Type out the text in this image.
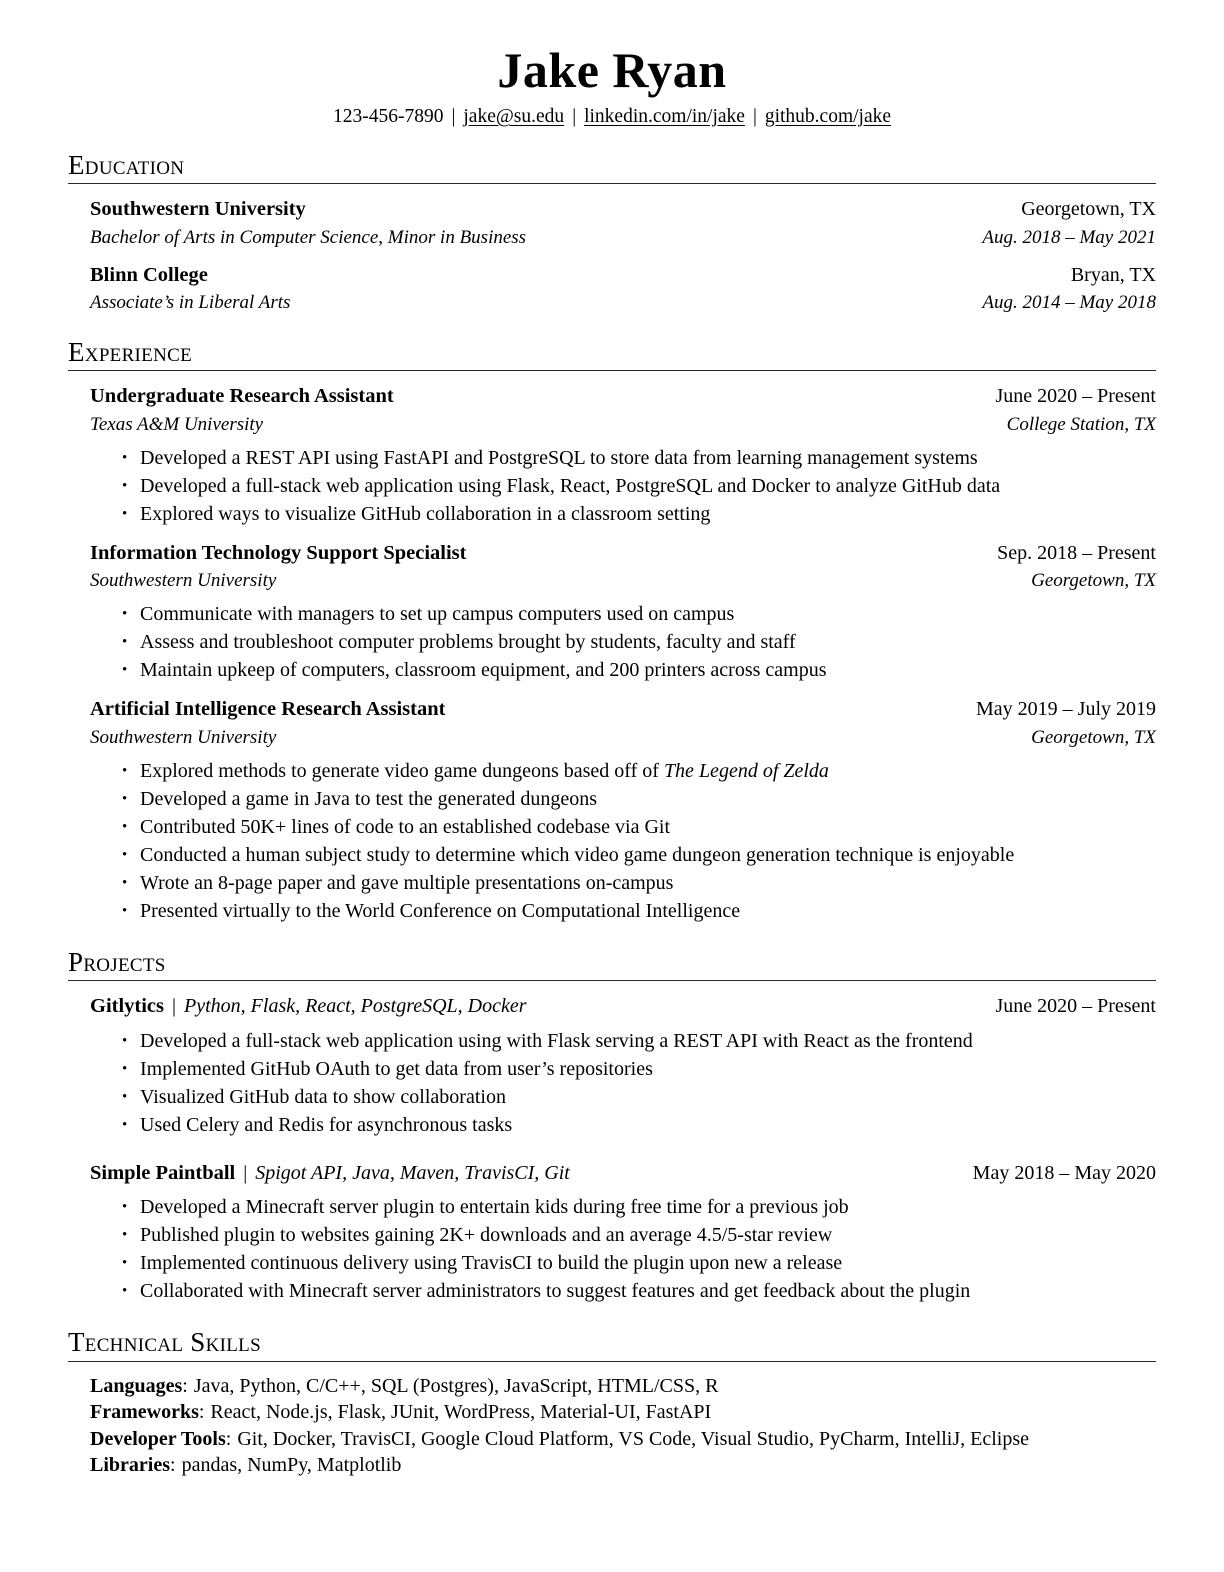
Jake Ryan
123-456-7890 | jake@su.edu | linkedin.com/in/jake | github.com/jake
Education
Southwestern University	Georgetown, TX
Bachelor of Arts in Computer Science, Minor in Business	Aug. 2018 – May 2021
Blinn College	Bryan, TX
Associate’s in Liberal Arts	Aug. 2014 – May 2018
Experience
Undergraduate Research Assistant	June 2020 – Present
Texas A&M University	College Station, TX
• Developed a REST API using FastAPI and PostgreSQL to store data from learning management systems
• Developed a full-stack web application using Flask, React, PostgreSQL and Docker to analyze GitHub data
• Explored ways to visualize GitHub collaboration in a classroom setting
Information Technology Support Specialist	Sep. 2018 – Present
Southwestern University	Georgetown, TX
• Communicate with managers to set up campus computers used on campus
• Assess and troubleshoot computer problems brought by students, faculty and staff
• Maintain upkeep of computers, classroom equipment, and 200 printers across campus
Artificial Intelligence Research Assistant	May 2019 – July 2019
Southwestern University	Georgetown, TX
• Explored methods to generate video game dungeons based off of The Legend of Zelda
• Developed a game in Java to test the generated dungeons
• Contributed 50K+ lines of code to an established codebase via Git
• Conducted a human subject study to determine which video game dungeon generation technique is enjoyable
• Wrote an 8-page paper and gave multiple presentations on-campus
• Presented virtually to the World Conference on Computational Intelligence
Projects
Gitlytics | Python, Flask, React, PostgreSQL, Docker	June 2020 – Present
• Developed a full-stack web application using with Flask serving a REST API with React as the frontend
• Implemented GitHub OAuth to get data from user’s repositories
• Visualized GitHub data to show collaboration
• Used Celery and Redis for asynchronous tasks
Simple Paintball | Spigot API, Java, Maven, TravisCI, Git	May 2018 – May 2020
• Developed a Minecraft server plugin to entertain kids during free time for a previous job
• Published plugin to websites gaining 2K+ downloads and an average 4.5/5-star review
• Implemented continuous delivery using TravisCI to build the plugin upon new a release
• Collaborated with Minecraft server administrators to suggest features and get feedback about the plugin
Technical Skills
Languages: Java, Python, C/C++, SQL (Postgres), JavaScript, HTML/CSS, R
Frameworks: React, Node.js, Flask, JUnit, WordPress, Material-UI, FastAPI
Developer Tools: Git, Docker, TravisCI, Google Cloud Platform, VS Code, Visual Studio, PyCharm, IntelliJ, Eclipse
Libraries: pandas, NumPy, Matplotlib
